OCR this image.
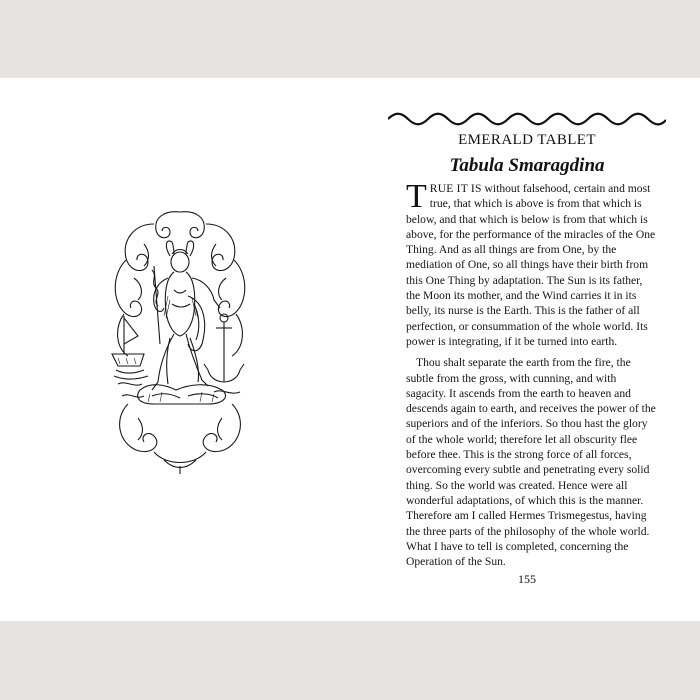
EMERALD TABLET
Tabula Smaragdina

TRUE IT IS without falsehood, certain and most true, that which is above is from that which is below, and that which is below is from that which is above, for the performance of the miracles of the One Thing. And as all things are from One, by the mediation of One, so all things have their birth from this One Thing by adaptation. The Sun is its father, the Moon its mother, and the Wind carries it in its belly, its nurse is the Earth. This is the father of all perfection, or consummation of the whole world. Its power is integrating, if it be turned into earth.

Thou shalt separate the earth from the fire, the subtle from the gross, with cunning, and with sagacity. It ascends from the earth to heaven and descends again to earth, and receives the power of the superiors and of the inferiors. So thou hast the glory of the whole world; therefore let all obscurity flee before thee. This is the strong force of all forces, overcoming every subtle and penetrating every solid thing. So the world was created. Hence were all wonderful adaptations, of which this is the manner. Therefore am I called Hermes Trismegestus, having the three parts of the philosophy of the whole world. What I have to tell is completed, concerning the Operation of the Sun.

155
